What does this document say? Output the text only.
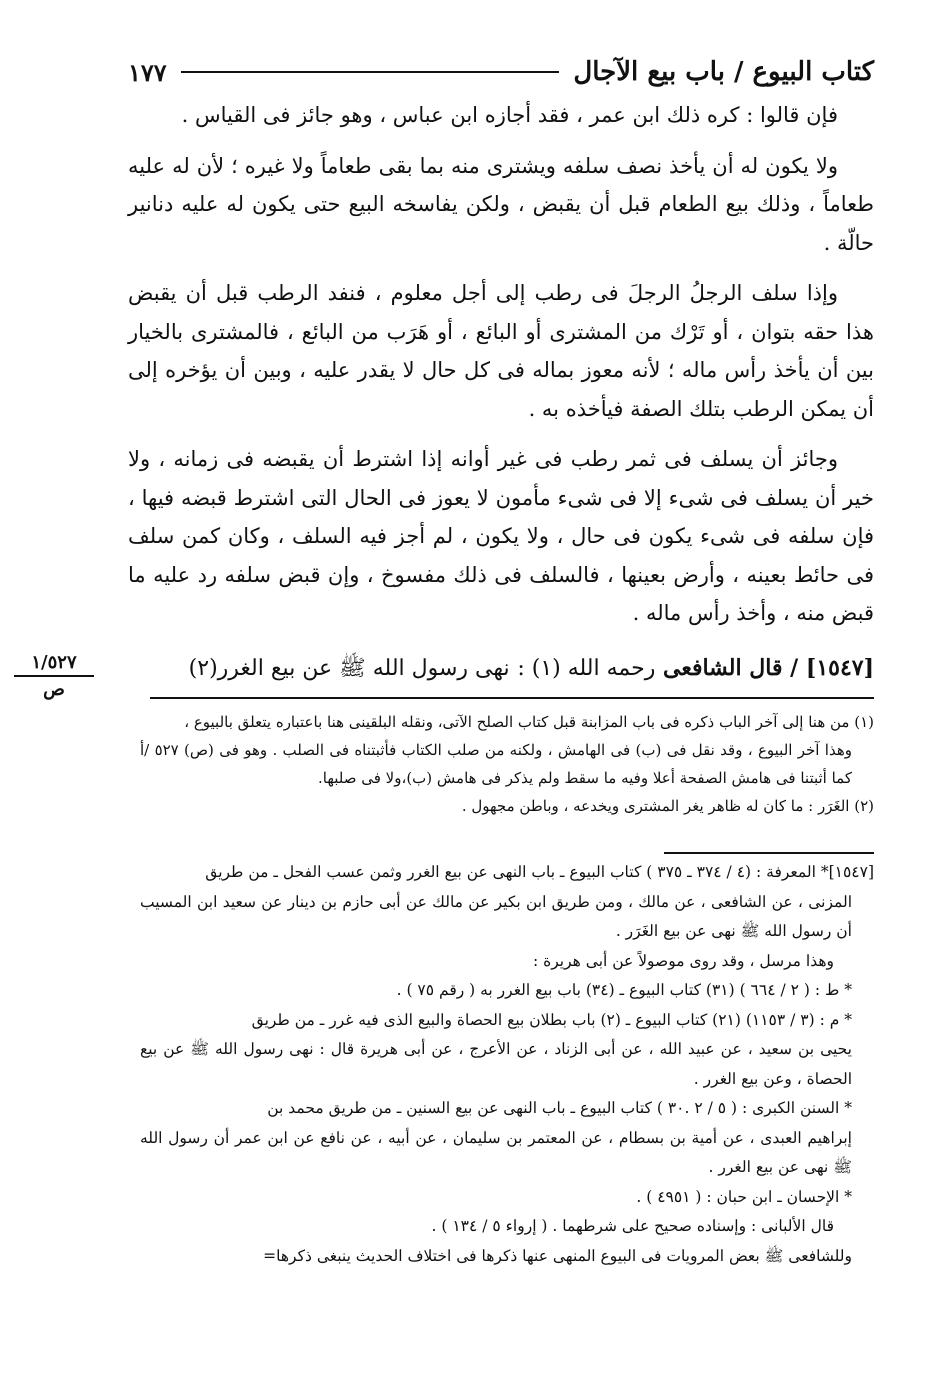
كتاب البيوع / باب بيع الآجال
١٧٧

فإن قالوا : كره ذلك ابن عمر ، فقد أجازه ابن عباس ، وهو جائز فى القياس .

ولا يكون له أن يأخذ نصف سلفه ويشترى منه بما بقى طعاماً ولا غيره ؛ لأن له عليه طعاماً ، وذلك بيع الطعام قبل أن يقبض ، ولكن يفاسخه البيع حتى يكون له عليه دنانير حالّة .

وإذا سلف الرجلُ الرجلَ فى رطب إلى أجل معلوم ، فنفد الرطب قبل أن يقبض هذا حقه بتوان ، أو تَرْك من المشترى أو البائع ، أو هَرَب من البائع ، فالمشترى بالخيار بين أن يأخذ رأس ماله ؛ لأنه معوز بماله فى كل حال لا يقدر عليه ، وبين أن يؤخره إلى أن يمكن الرطب بتلك الصفة فيأخذه به .

وجائز أن يسلف فى ثمر رطب فى غير أوانه إذا اشترط أن يقبضه فى زمانه ، ولا خير أن يسلف فى شىء إلا فى شىء مأمون لا يعوز فى الحال التى اشترط قبضه فيها ، فإن سلفه فى شىء يكون فى حال ، ولا يكون ، لم أجز فيه السلف ، وكان كمن سلف فى حائط بعينه ، وأرض بعينها ، فالسلف فى ذلك مفسوخ ، وإن قبض سلفه رد عليه ما قبض منه ، وأخذ رأس ماله .

[١٥٤٧] / قال الشافعى رحمه الله (١) : نهى رسول الله ﷺ عن بيع الغرر(٢)
١/٥٢٧
ص

(١) من هنا إلى آخر الباب ذكره فى باب المزابنة قبل كتاب الصلح الآتى، ونقله البلقينى هنا باعتباره يتعلق بالبيوع ،

وهذا آخر البيوع ، وقد نقل فى (ب) فى الهامش ، ولكنه من صلب الكتاب فأثبتناه فى الصلب . وهو فى (ص) ٥٢٧ /أ كما أثبتنا فى هامش الصفحة أعلا وفيه ما سقط ولم يذكر فى هامش (ب)،ولا فى صلبها.

(٢) الغَرَر : ما كان له ظاهر يغر المشترى ويخدعه ، وباطن مجهول .

[١٥٤٧]* المعرفة : (٤ / ٣٧٤ ـ ٣٧٥ ) كتاب البيوع ـ باب النهى عن بيع الغرر وثمن عسب الفحل ـ من طريق

المزنى ، عن الشافعى ، عن مالك ، ومن طريق ابن بكير عن مالك عن أبى حازم بن دينار عن سعيد ابن المسيب أن رسول الله ﷺ نهى عن بيع الغَرَر .

وهذا مرسل ، وقد روى موصولاً عن أبى هريرة :

* ط : ( ٢ / ٦٦٤ ) (٣١) كتاب البيوع ـ (٣٤) باب بيع الغرر به ( رقم ٧٥ ) .

* م : (٣ / ١١٥٣) (٢١) كتاب البيوع ـ (٢) باب بطلان بيع الحصاة والبيع الذى فيه غرر ـ من طريق

يحيى بن سعيد ، عن عبيد الله ، عن أبى الزناد ، عن الأعرج ، عن أبى هريرة قال : نهى رسول الله ﷺ عن بيع الحصاة ، وعن بيع الغرر .

* السنن الكبرى : ( ٥ / ٢ .٣٠ ) كتاب البيوع ـ باب النهى عن بيع السنين ـ من طريق محمد بن

إبراهيم العبدى ، عن أمية بن بسطام ، عن المعتمر بن سليمان ، عن أبيه ، عن نافع عن ابن عمر أن رسول الله ﷺ نهى عن بيع الغرر .

* الإحسان ـ ابن حبان : ( ٤٩٥١ ) .

قال الألبانى : وإسناده صحيح على شرطهما . ( إرواء ٥ / ١٣٤ ) .

وللشافعى ﷺ بعض المرويات فى البيوع المنهى عنها ذكرها فى اختلاف الحديث ينبغى ذكرها=
